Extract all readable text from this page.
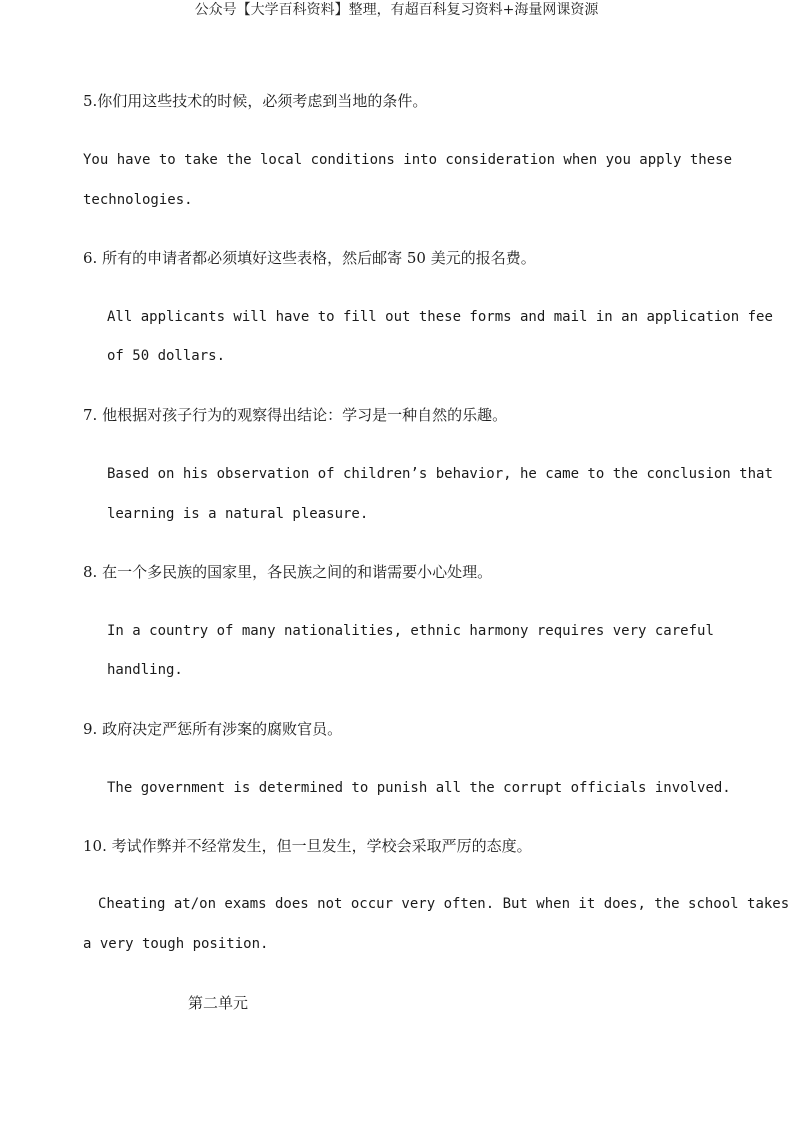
公众号【大学百科资料】整理，有超百科复习资料+海量网课资源
5.你们用这些技术的时候，必须考虑到当地的条件。
You have to take the local conditions into consideration when you apply these
technologies.
6. 所有的申请者都必须填好这些表格，然后邮寄 50 美元的报名费。
All applicants will have to fill out these forms and mail in an application fee
of 50 dollars.
7. 他根据对孩子行为的观察得出结论：学习是一种自然的乐趣。
Based on his observation of children’s behavior, he came to the conclusion that
learning is a natural pleasure.
8. 在一个多民族的国家里，各民族之间的和谐需要小心处理。
In a country of many nationalities, ethnic harmony requires very careful
handling.
9. 政府决定严惩所有涉案的腐败官员。
The government is determined to punish all the corrupt officials involved.
10. 考试作弊并不经常发生，但一旦发生，学校会采取严厉的态度。
Cheating at/on exams does not occur very often. But when it does, the school takes
a very tough position.
第二单元
